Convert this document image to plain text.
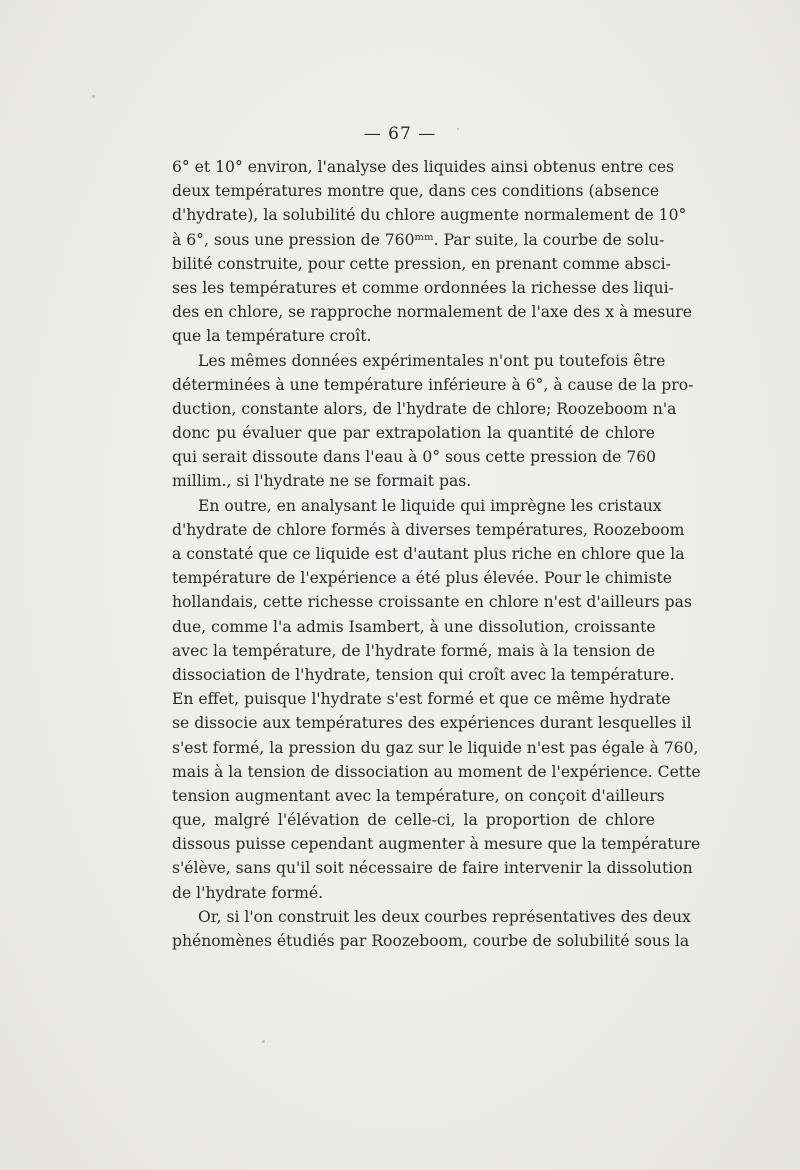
— 67 —
6° et 10° environ, l'analyse des liquides ainsi obtenus entre ces
deux températures montre que, dans ces conditions (absence
d'hydrate), la solubilité du chlore augmente normalement de 10°
à 6°, sous une pression de 760ᵐᵐ. Par suite, la courbe de solu-
bilité construite, pour cette pression, en prenant comme absci-
ses les températures et comme ordonnées la richesse des liqui-
des en chlore, se rapproche normalement de l'axe des x à mesure
que la température croît.
Les mêmes données expérimentales n'ont pu toutefois être
déterminées à une température inférieure à 6°, à cause de la pro-
duction, constante alors, de l'hydrate de chlore; Roozeboom n'a
donc pu évaluer que par extrapolation la quantité de chlore
qui serait dissoute dans l'eau à 0° sous cette pression de 760
millim., si l'hydrate ne se formait pas.
En outre, en analysant le liquide qui imprègne les cristaux
d'hydrate de chlore formés à diverses températures, Roozeboom
a constaté que ce liquide est d'autant plus riche en chlore que la
température de l'expérience a été plus élevée. Pour le chimiste
hollandais, cette richesse croissante en chlore n'est d'ailleurs pas
due, comme l'a admis Isambert, à une dissolution, croissante
avec la température, de l'hydrate formé, mais à la tension de
dissociation de l'hydrate, tension qui croît avec la température.
En effet, puisque l'hydrate s'est formé et que ce même hydrate
se dissocie aux températures des expériences durant lesquelles il
s'est formé, la pression du gaz sur le liquide n'est pas égale à 760,
mais à la tension de dissociation au moment de l'expérience. Cette
tension augmentant avec la température, on conçoit d'ailleurs
que, malgré l'élévation de celle-ci, la proportion de chlore
dissous puisse cependant augmenter à mesure que la température
s'élève, sans qu'il soit nécessaire de faire intervenir la dissolution
de l'hydrate formé.
Or, si l'on construit les deux courbes représentatives des deux
phénomènes étudiés par Roozeboom, courbe de solubilité sous la
